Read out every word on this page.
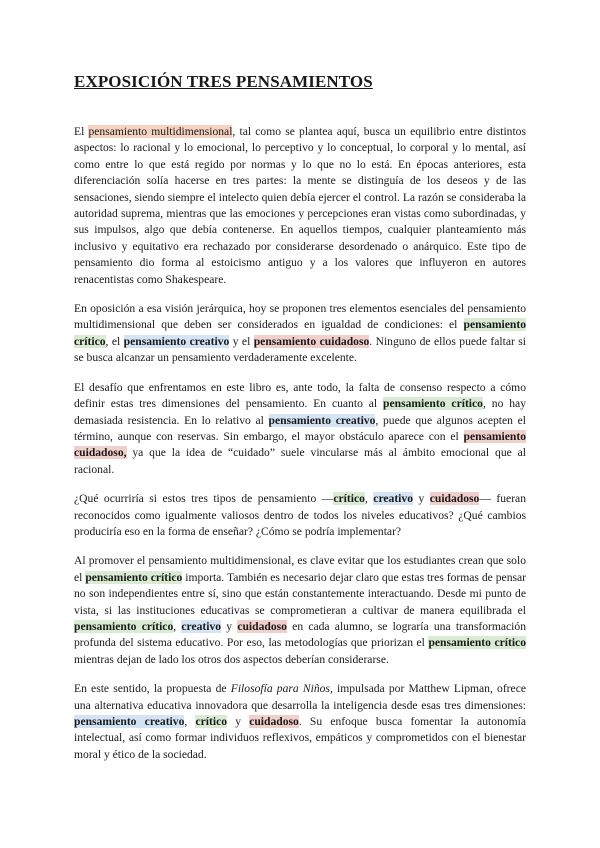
EXPOSICIÓN TRES PENSAMIENTOS

El pensamiento multidimensional, tal como se plantea aquí, busca un equilibrio entre distintos aspectos: lo racional y lo emocional, lo perceptivo y lo conceptual, lo corporal y lo mental, así como entre lo que está regido por normas y lo que no lo está. En épocas anteriores, esta diferenciación solía hacerse en tres partes: la mente se distinguía de los deseos y de las sensaciones, siendo siempre el intelecto quien debía ejercer el control. La razón se consideraba la autoridad suprema, mientras que las emociones y percepciones eran vistas como subordinadas, y sus impulsos, algo que debía contenerse. En aquellos tiempos, cualquier planteamiento más inclusivo y equitativo era rechazado por considerarse desordenado o anárquico. Este tipo de pensamiento dio forma al estoicismo antiguo y a los valores que influyeron en autores renacentistas como Shakespeare.

En oposición a esa visión jerárquica, hoy se proponen tres elementos esenciales del pensamiento multidimensional que deben ser considerados en igualdad de condiciones: el pensamiento crítico, el pensamiento creativo y el pensamiento cuidadoso. Ninguno de ellos puede faltar si se busca alcanzar un pensamiento verdaderamente excelente.

El desafío que enfrentamos en este libro es, ante todo, la falta de consenso respecto a cómo definir estas tres dimensiones del pensamiento. En cuanto al pensamiento crítico, no hay demasiada resistencia. En lo relativo al pensamiento creativo, puede que algunos acepten el término, aunque con reservas. Sin embargo, el mayor obstáculo aparece con el pensamiento cuidadoso, ya que la idea de “cuidado” suele vincularse más al ámbito emocional que al racional.

¿Qué ocurriría si estos tres tipos de pensamiento —crítico, creativo y cuidadoso— fueran reconocidos como igualmente valiosos dentro de todos los niveles educativos? ¿Qué cambios produciría eso en la forma de enseñar? ¿Cómo se podría implementar?

Al promover el pensamiento multidimensional, es clave evitar que los estudiantes crean que solo el pensamiento crítico importa. También es necesario dejar claro que estas tres formas de pensar no son independientes entre sí, sino que están constantemente interactuando. Desde mi punto de vista, si las instituciones educativas se comprometieran a cultivar de manera equilibrada el pensamiento crítico, creativo y cuidadoso en cada alumno, se lograría una transformación profunda del sistema educativo. Por eso, las metodologías que priorizan el pensamiento crítico mientras dejan de lado los otros dos aspectos deberían considerarse.

En este sentido, la propuesta de Filosofía para Niños, impulsada por Matthew Lipman, ofrece una alternativa educativa innovadora que desarrolla la inteligencia desde esas tres dimensiones: pensamiento creativo, crítico y cuidadoso. Su enfoque busca fomentar la autonomía intelectual, así como formar individuos reflexivos, empáticos y comprometidos con el bienestar moral y ético de la sociedad.
